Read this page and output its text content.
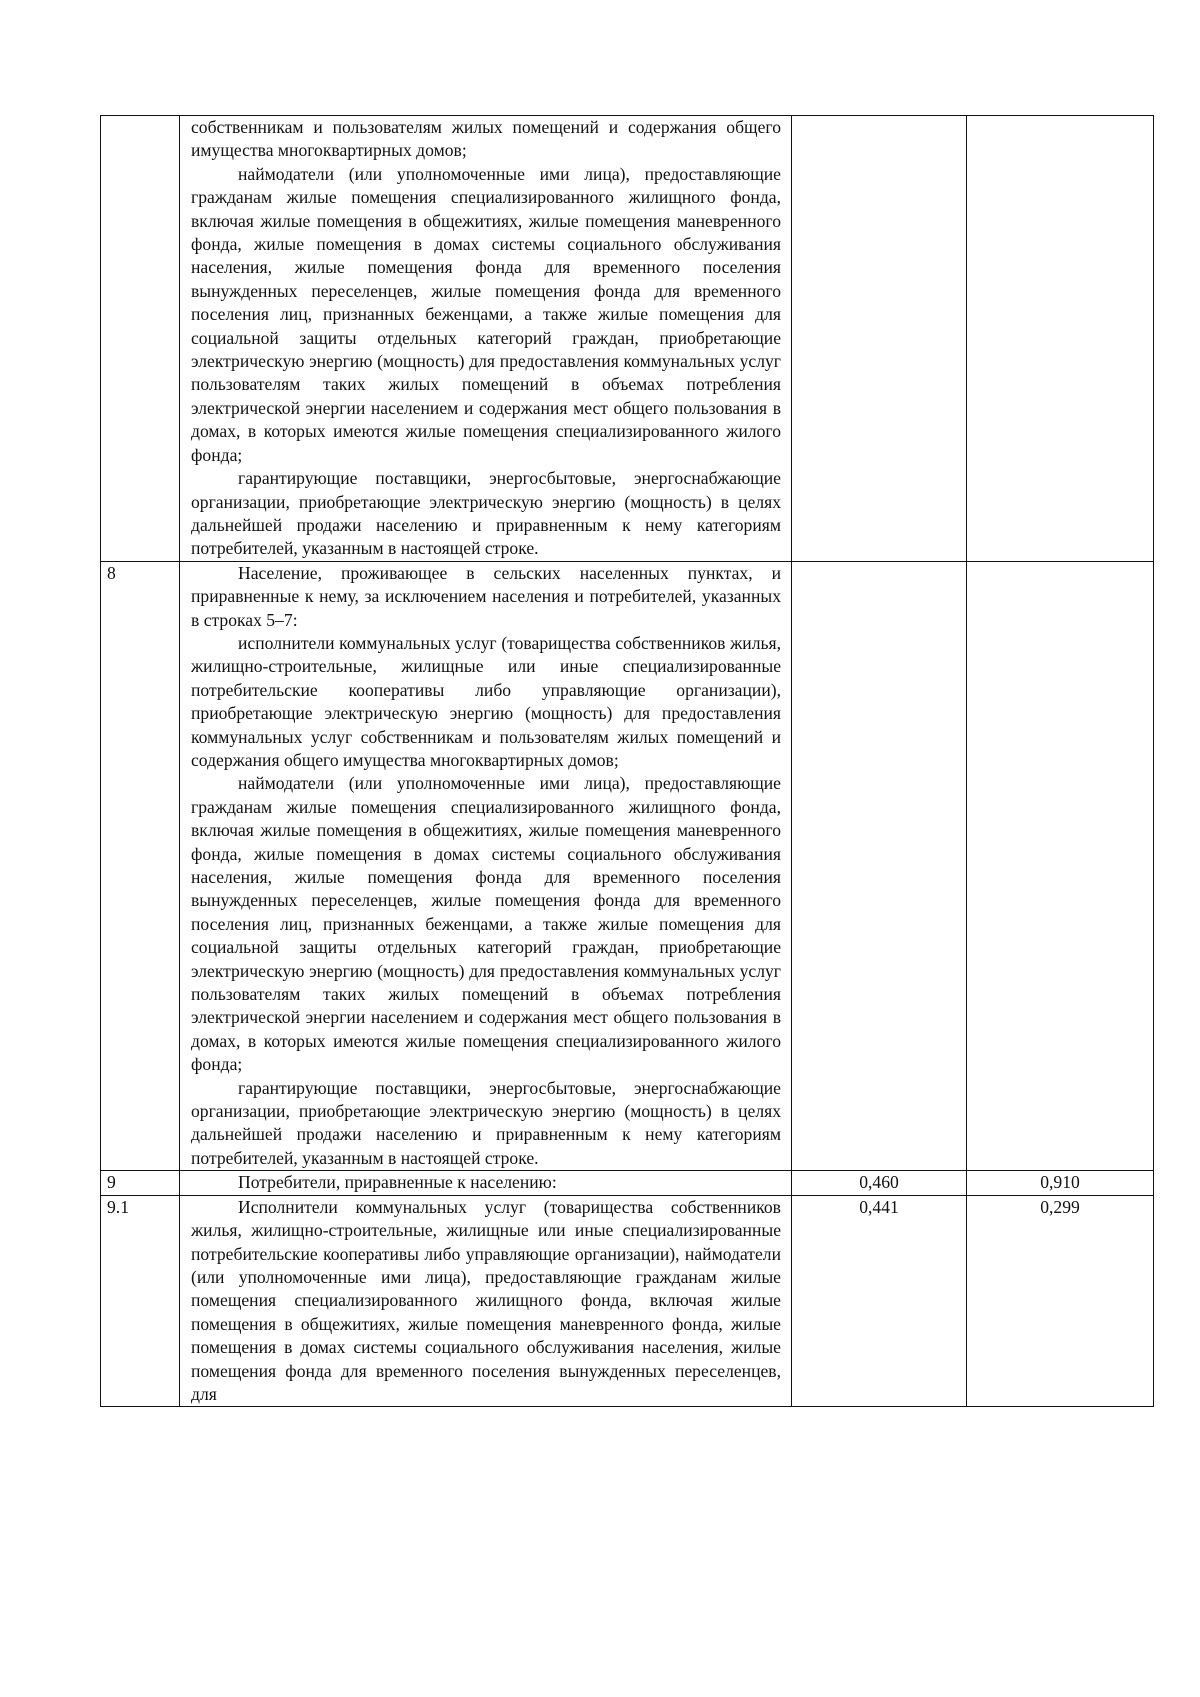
	собственникам и пользователям жилых помещений и содержания общего имущества многоквартирных домов;

наймодатели (или уполномоченные ими лица), предоставляющие гражданам жилые помещения специализированного жилищного фонда, включая жилые помещения в общежитиях, жилые помещения маневренного фонда, жилые помещения в домах системы социального обслуживания населения, жилые помещения фонда для временного поселения вынужденных переселенцев, жилые помещения фонда для временного поселения лиц, признанных беженцами, а также жилые помещения для социальной защиты отдельных категорий граждан, приобретающие электрическую энергию (мощность) для предоставления коммунальных услуг пользователям таких жилых помещений в объемах потребления электрической энергии населением и содержания мест общего пользования в домах, в которых имеются жилые помещения специализированного жилого фонда;

гарантирующие поставщики, энергосбытовые, энергоснабжающие организации, приобретающие электрическую энергию (мощность) в целях дальнейшей продажи населению и приравненным к нему категориям потребителей, указанным в настоящей строке.		

8	Население, проживающее в сельских населенных пунктах, и приравненные к нему, за исключением населения и потребителей, указанных в строках 5–7:

исполнители коммунальных услуг (товарищества собственников жилья, жилищно-строительные, жилищные или иные специализированные потребительские кооперативы либо управляющие организации), приобретающие электрическую энергию (мощность) для предоставления коммунальных услуг собственникам и пользователям жилых помещений и содержания общего имущества многоквартирных домов;

наймодатели (или уполномоченные ими лица), предоставляющие гражданам жилые помещения специализированного жилищного фонда, включая жилые помещения в общежитиях, жилые помещения маневренного фонда, жилые помещения в домах системы социального обслуживания населения, жилые помещения фонда для временного поселения вынужденных переселенцев, жилые помещения фонда для временного поселения лиц, признанных беженцами, а также жилые помещения для социальной защиты отдельных категорий граждан, приобретающие электрическую энергию (мощность) для предоставления коммунальных услуг пользователям таких жилых помещений в объемах потребления электрической энергии населением и содержания мест общего пользования в домах, в которых имеются жилые помещения специализированного жилого фонда;

гарантирующие поставщики, энергосбытовые, энергоснабжающие организации, приобретающие электрическую энергию (мощность) в целях дальнейшей продажи населению и приравненным к нему категориям потребителей, указанным в настоящей строке.		

9	Потребители, приравненные к населению:	0,460	0,910
9.1	Исполнители коммунальных услуг (товарищества собственников жилья, жилищно-строительные, жилищные или иные специализированные потребительские кооперативы либо управляющие организации), наймодатели (или уполномоченные ими лица), предоставляющие гражданам жилые помещения специализированного жилищного фонда, включая жилые помещения в общежитиях, жилые помещения маневренного фонда, жилые помещения в домах системы социального обслуживания населения, жилые помещения фонда для временного поселения вынужденных переселенцев, для	0,441	0,299
